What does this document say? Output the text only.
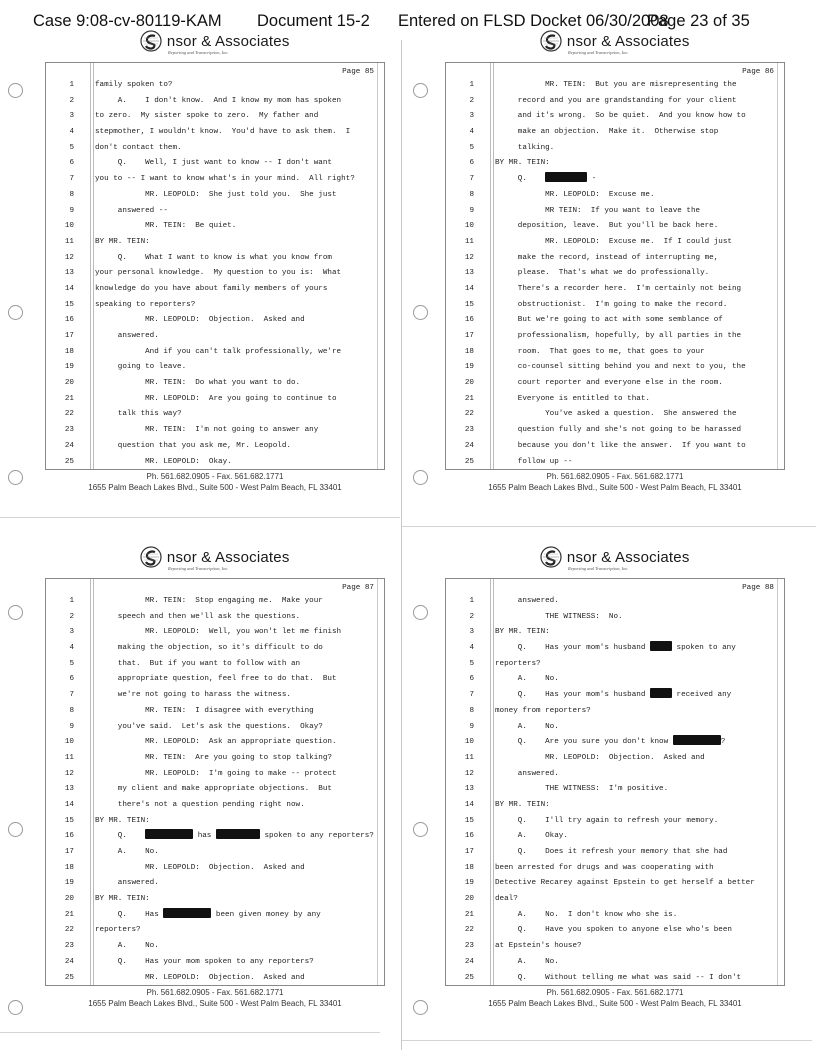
Case 9:08-cv-80119-KAM Document 15-2 Entered on FLSD Docket 06/30/2008
Page 23 of 35
nsor & Associates
Reporting and Transcription, Inc.
Page 85
1	family spoken to?
2	A.    I don't know.  And I know my mom has spoken
3	to zero.  My sister spoke to zero.  My father and
4	stepmother, I wouldn't know.  You'd have to ask them.  I
5	don't contact them.
6	Q.    Well, I just want to know -- I don't want
7	you to -- I want to know what's in your mind.  All right?
8	MR. LEOPOLD:  She just told you.  She just
9	answered --
10	MR. TEIN:  Be quiet.
11	BY MR. TEIN:
12	Q.    What I want to know is what you know from
13	your personal knowledge.  My question to you is:  What
14	knowledge do you have about family members of yours
15	speaking to reporters?
16	MR. LEOPOLD:  Objection.  Asked and
17	answered.
18	And if you can't talk professionally, we're
19	going to leave.
20	MR. TEIN:  Do what you want to do.
21	MR. LEOPOLD:  Are you going to continue to
22	talk this way?
23	MR. TEIN:  I'm not going to answer any
24	question that you ask me, Mr. Leopold.
25	MR. LEOPOLD:  Okay.
Ph. 561.682.0905 - Fax. 561.682.1771
1655 Palm Beach Lakes Blvd., Suite 500 - West Palm Beach, FL 33401
nsor & Associates
Reporting and Transcription, Inc.
Page 86
1	MR. TEIN:  But you are misrepresenting the
2	record and you are grandstanding for your client
3	and it's wrong.  So be quiet.  And you know how to
4	make an objection.  Make it.  Otherwise stop
5	talking.
6	BY MR. TEIN:
7	Q.	-
8	MR. LEOPOLD:  Excuse me.
9	MR TEIN:  If you want to leave the
10	deposition, leave.  But you'll be back here.
11	MR. LEOPOLD:  Excuse me.  If I could just
12	make the record, instead of interrupting me,
13	please.  That's what we do professionally.
14	There's a recorder here.  I'm certainly not being
15	obstructionist.  I'm going to make the record.
16	But we're going to act with some semblance of
17	professionalism, hopefully, by all parties in the
18	room.  That goes to me, that goes to your
19	co-counsel sitting behind you and next to you, the
20	court reporter and everyone else in the room.
21	Everyone is entitled to that.
22	You've asked a question.  She answered the
23	question fully and she's not going to be harassed
24	because you don't like the answer.  If you want to
25	follow up --
Ph. 561.682.0905 - Fax. 561.682.1771
1655 Palm Beach Lakes Blvd., Suite 500 - West Palm Beach, FL 33401
nsor & Associates
Reporting and Transcription, Inc.
Page 87
1	MR. TEIN:  Stop engaging me.  Make your
2	speech and then we'll ask the questions.
3	MR. LEOPOLD:  Well, you won't let me finish
4	making the objection, so it's difficult to do
5	that.  But if you want to follow with an
6	appropriate question, feel free to do that.  But
7	we're not going to harass the witness.
8	MR. TEIN:  I disagree with everything
9	you've said.  Let's ask the questions.  Okay?
10	MR. LEOPOLD:  Ask an appropriate question.
11	MR. TEIN:  Are you going to stop talking?
12	MR. LEOPOLD:  I'm going to make -- protect
13	my client and make appropriate objections.  But
14	there's not a question pending right now.
15	BY MR. TEIN:
16	Q.	has	spoken to any reporters?
17	A.    No.
18	MR. LEOPOLD:  Objection.  Asked and
19	answered.
20	BY MR. TEIN:
21	Q.    Has	been given money by any
22	reporters?
23	A.    No.
24	Q.    Has your mom spoken to any reporters?
25	MR. LEOPOLD:  Objection.  Asked and
Ph. 561.682.0905 - Fax. 561.682.1771
1655 Palm Beach Lakes Blvd., Suite 500 - West Palm Beach, FL 33401
nsor & Associates
Reporting and Transcription, Inc.
Page 88
1	answered.
2	THE WITNESS:  No.
3	BY MR. TEIN:
4	Q.    Has your mom's husband	spoken to any
5	reporters?
6	A.    No.
7	Q.    Has your mom's husband	received any
8	money from reporters?
9	A.    No.
10	Q.    Are you sure you don't know	?
11	MR. LEOPOLD:  Objection.  Asked and
12	answered.
13	THE WITNESS:  I'm positive.
14	BY MR. TEIN:
15	Q.    I'll try again to refresh your memory.
16	A.    Okay.
17	Q.    Does it refresh your memory that she had
18	been arrested for drugs and was cooperating with
19	Detective Recarey against Epstein to get herself a better
20	deal?
21	A.    No.  I don't know who she is.
22	Q.    Have you spoken to anyone else who's been
23	at Epstein's house?
24	A.    No.
25	Q.    Without telling me what was said -- I don't
Ph. 561.682.0905 - Fax. 561.682.1771
1655 Palm Beach Lakes Blvd., Suite 500 - West Palm Beach, FL 33401
